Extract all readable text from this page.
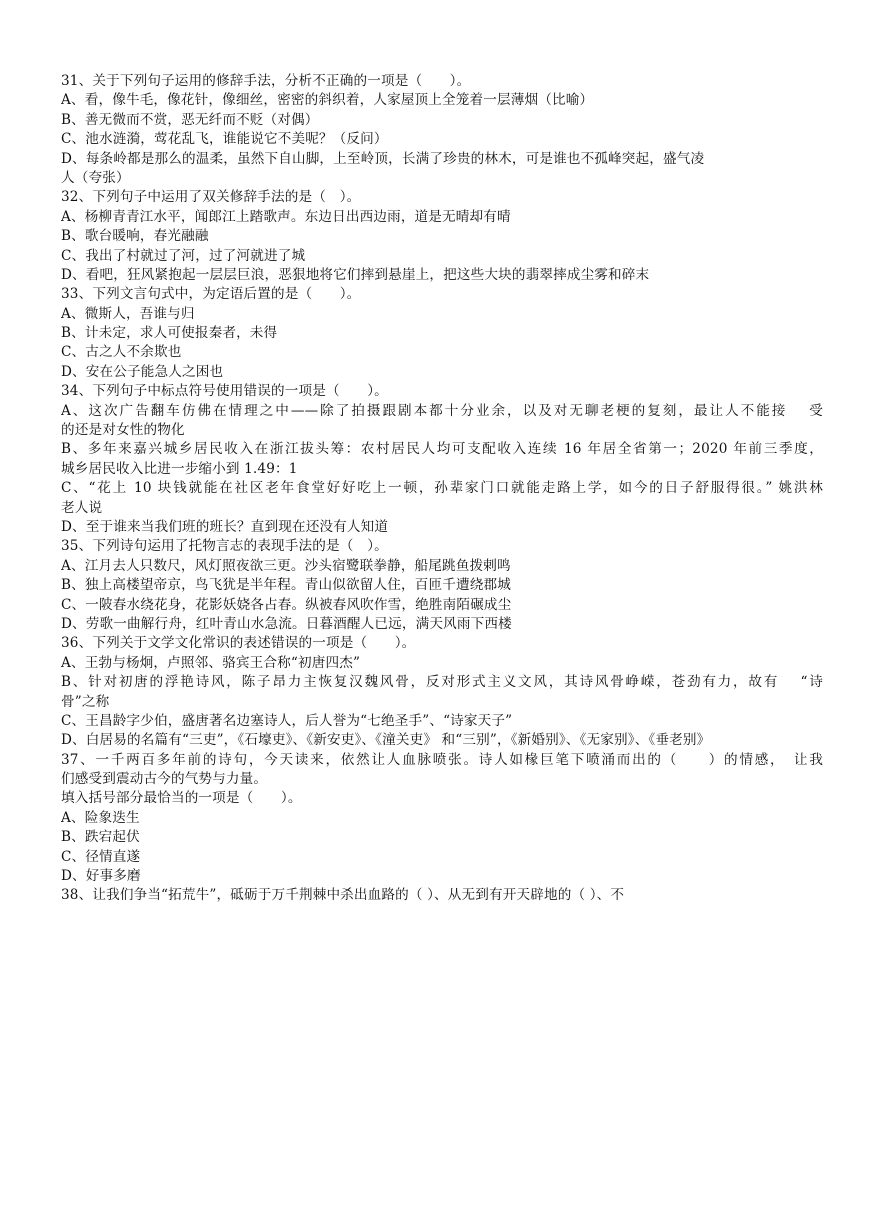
31、关于下列句子运用的修辞手法，分析不正确的一项是（　　）。
A、看，像牛毛，像花针，像细丝，密密的斜织着，人家屋顶上全笼着一层薄烟（比喻）
B、善无微而不赏，恶无纤而不贬（对偶）
C、池水涟漪，莺花乱飞，谁能说它不美呢？（反问）
D、每条岭都是那么的温柔，虽然下自山脚，上至岭顶，长满了珍贵的林木，可是谁也不孤峰突起，盛气凌
人（夸张）
32、下列句子中运用了双关修辞手法的是（　）。
A、杨柳青青江水平，闻郎江上踏歌声。东边日出西边雨，道是无晴却有晴
B、歌台暖响，春光融融
C、我出了村就过了河，过了河就进了城
D、看吧，狂风紧抱起一层层巨浪，恶狠地将它们摔到悬崖上，把这些大块的翡翠摔成尘雾和碎末
33、下列文言句式中，为定语后置的是（　　）。
A、微斯人，吾谁与归
B、计未定，求人可使报秦者，未得
C、古之人不余欺也
D、安在公子能急人之困也
34、下列句子中标点符号使用错误的一项是（　　）。
A、这次广告翻车仿佛在情理之中——除了拍摄跟剧本都十分业余，以及对无聊老梗的复刻，最让人不能接　 受
的还是对女性的物化
B、多年来嘉兴城乡居民收入在浙江拔头筹：农村居民人均可支配收入连续 16 年居全省第一；2020 年前三季度，
城乡居民收入比进一步缩小到 1.49：1
C、“花上 10 块钱就能在社区老年食堂好好吃上一顿，孙辈家门口就能走路上学，如今的日子舒服得很。” 姚洪林
老人说
D、至于谁来当我们班的班长？直到现在还没有人知道
35、下列诗句运用了托物言志的表现手法的是（　）。
A、江月去人只数尺，风灯照夜欲三更。沙头宿鹭联拳静，船尾跳鱼拨剌鸣
B、独上高楼望帝京，鸟飞犹是半年程。青山似欲留人住，百匝千遭绕郡城
C、一陂春水绕花身，花影妖娆各占春。纵被春风吹作雪，绝胜南陌碾成尘
D、劳歌一曲解行舟，红叶青山水急流。日暮酒醒人已远，满天风雨下西楼
36、下列关于文学文化常识的表述错误的一项是（　　）。
A、王勃与杨炯，卢照邻、骆宾王合称“初唐四杰”
B、针对初唐的浮艳诗风，陈子昂力主恢复汉魏风骨，反对形式主义文风，其诗风骨峥嵘，苍劲有力，故有　 “诗
骨”之称
C、王昌龄字少伯，盛唐著名边塞诗人，后人誉为“七绝圣手”、“诗家天子”
D、白居易的名篇有“三吏”，《石壕吏》、《新安吏》、《潼关吏》 和“三别”，《新婚别》、《无家别》、《垂老别》
37、一千两百多年前的诗句，今天读来，依然让人血脉喷张。诗人如椽巨笔下喷涌而出的（　　）的情感，　让我
们感受到震动古今的气势与力量。
填入括号部分最恰当的一项是（　　）。
A、险象迭生
B、跌宕起伏
C、径情直遂
D、好事多磨
38、让我们争当“拓荒牛”，砥砺于万千荆棘中杀出血路的（ ）、从无到有开天辟地的（ ）、不
